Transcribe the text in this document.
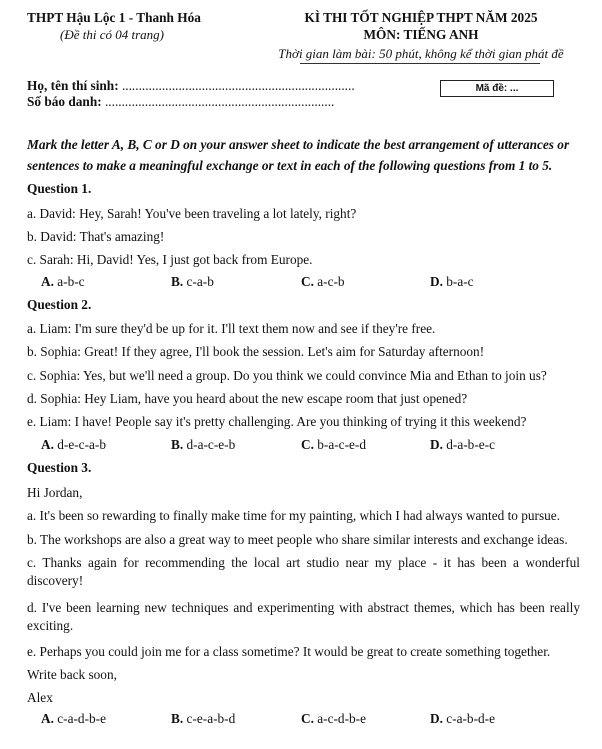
THPT Hậu Lộc 1 - Thanh Hóa
(Đề thi có 04 trang)
KÌ THI TỐT NGHIỆP THPT NĂM 2025
MÔN: TIẾNG ANH
Thời gian làm bài: 50 phút, không kể thời gian phát đề
Họ, tên thí sinh: ......................................................................
Số báo danh: .....................................................................
Mã đề: ...
Mark the letter A, B, C or D on your answer sheet to indicate the best arrangement of utterances or sentences to make a meaningful exchange or text in each of the following questions from 1 to 5.
Question 1.
a. David: Hey, Sarah! You've been traveling a lot lately, right?
b. David: That's amazing!
c. Sarah: Hi, David! Yes, I just got back from Europe.
A. a-b-c	B. c-a-b	C. a-c-b	D. b-a-c
Question 2.
a. Liam: I'm sure they'd be up for it. I'll text them now and see if they're free.
b. Sophia: Great! If they agree, I'll book the session. Let's aim for Saturday afternoon!
c. Sophia: Yes, but we'll need a group. Do you think we could convince Mia and Ethan to join us?
d. Sophia: Hey Liam, have you heard about the new escape room that just opened?
e. Liam: I have! People say it's pretty challenging. Are you thinking of trying it this weekend?
A. d-e-c-a-b	B. d-a-c-e-b	C. b-a-c-e-d	D. d-a-b-e-c
Question 3.
Hi Jordan,
a. It's been so rewarding to finally make time for my painting, which I had always wanted to pursue.
b. The workshops are also a great way to meet people who share similar interests and exchange ideas.
c. Thanks again for recommending the local art studio near my place - it has been a wonderful discovery!
d. I've been learning new techniques and experimenting with abstract themes, which has been really exciting.
e. Perhaps you could join me for a class sometime? It would be great to create something together.
Write back soon,
Alex
A. c-a-d-b-e	B. c-e-a-b-d	C. a-c-d-b-e	D. c-a-b-d-e
